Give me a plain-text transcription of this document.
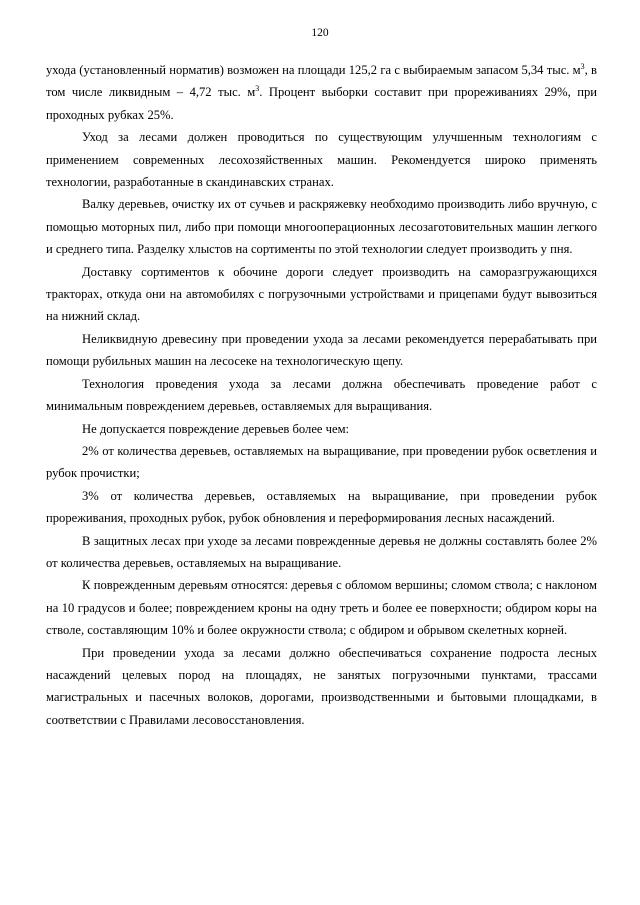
120

ухода (установленный норматив) возможен на площади 125,2 га с выбираемым запасом 5,34 тыс. $м^3$, в том числе ликвидным – 4,72 тыс. $м^3$. Процент выборки составит при прореживаниях 29%, при проходных рубках 25%.

Уход за лесами должен проводиться по существующим улучшенным технологиям с применением современных лесохозяйственных машин. Рекомендуется широко применять технологии, разработанные в скандинавских странах.

Валку деревьев, очистку их от сучьев и раскряжевку необходимо производить либо вручную, с помощью моторных пил, либо при помощи многооперационных лесозаготовительных машин легкого и среднего типа. Разделку хлыстов на сортименты по этой технологии следует производить у пня.

Доставку сортиментов к обочине дороги следует производить на саморазгружающихся тракторах, откуда они на автомобилях с погрузочными устройствами и прицепами будут вывозиться на нижний склад.

Неликвидную древесину при проведении ухода за лесами рекомендуется перерабатывать при помощи рубильных машин на лесосеке на технологическую щепу.

Технология проведения ухода за лесами должна обеспечивать проведение работ с минимальным повреждением деревьев, оставляемых для выращивания.

Не допускается повреждение деревьев более чем:

2% от количества деревьев, оставляемых на выращивание, при проведении рубок осветления и рубок прочистки;

3% от количества деревьев, оставляемых на выращивание, при проведении рубок прореживания, проходных рубок, рубок обновления и переформирования лесных насаждений.

В защитных лесах при уходе за лесами поврежденные деревья не должны составлять более 2% от количества деревьев, оставляемых на выращивание.

К поврежденным деревьям относятся: деревья с обломом вершины; сломом ствола; с наклоном на 10 градусов и более; повреждением кроны на одну треть и более ее поверхности; обдиром коры на стволе, составляющим 10% и более окружности ствола; с обдиром и обрывом скелетных корней.

При проведении ухода за лесами должно обеспечиваться сохранение подроста лесных насаждений целевых пород на площадях, не занятых погрузочными пунктами, трассами магистральных и пасечных волоков, дорогами, производственными и бытовыми площадками, в соответствии с Правилами лесовосстановления.
